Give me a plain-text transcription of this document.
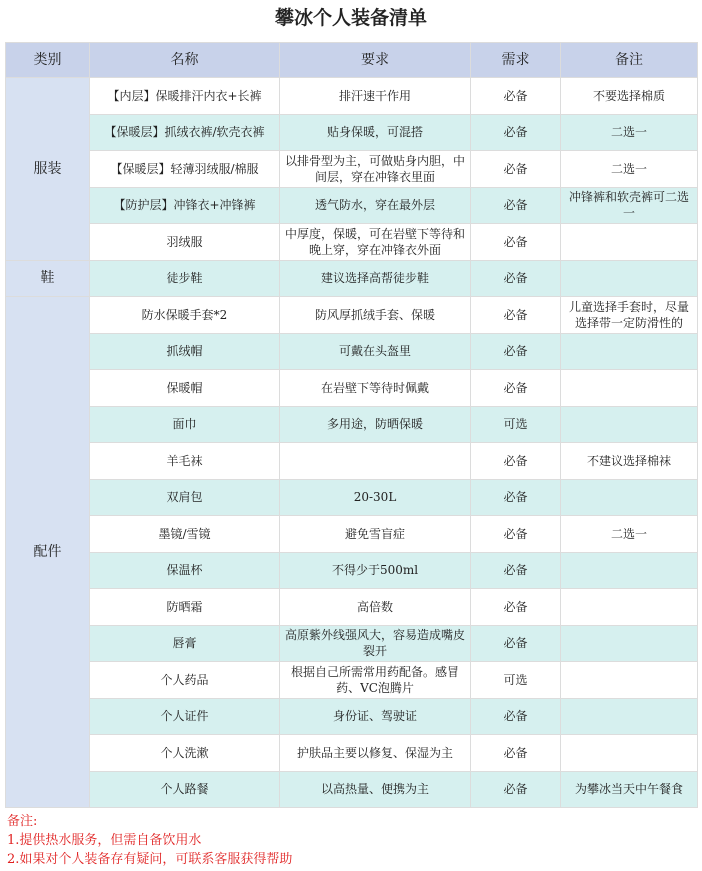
攀冰个人装备清单
类别	名称	要求	需求	备注
服装	【内层】保暖排汗内衣+长裤	排汗速干作用	必备	不要选择棉质
	【保暖层】抓绒衣裤/软壳衣裤	贴身保暖，可混搭	必备	二选一
	【保暖层】轻薄羽绒服/棉服	以排骨型为主，可做贴身内胆，中间层，穿在冲锋衣里面	必备	二选一
	【防护层】冲锋衣+冲锋裤	透气防水，穿在最外层	必备	冲锋裤和软壳裤可二选一
	羽绒服	中厚度，保暖，可在岩壁下等待和晚上穿，穿在冲锋衣外面	必备	
鞋	徒步鞋	建议选择高帮徒步鞋	必备	
配件	防水保暖手套*2	防风厚抓绒手套、保暖	必备	儿童选择手套时，尽量选择带一定防滑性的
	抓绒帽	可戴在头盔里	必备	
	保暖帽	在岩壁下等待时佩戴	必备	
	面巾	多用途，防晒保暖	可选	
	羊毛袜		必备	不建议选择棉袜
	双肩包	20-30L	必备	
	墨镜/雪镜	避免雪盲症	必备	二选一
	保温杯	不得少于500ml	必备	
	防晒霜	高倍数	必备	
	唇膏	高原紫外线强风大，容易造成嘴皮裂开	必备	
	个人药品	根据自己所需常用药配备。感冒药、VC泡腾片	可选	
	个人证件	身份证、驾驶证	必备	
	个人洗漱	护肤品主要以修复、保湿为主	必备	
	个人路餐	以高热量、便携为主	必备	为攀冰当天中午餐食
备注:
1.提供热水服务，但需自备饮用水
2.如果对个人装备存有疑问，可联系客服获得帮助
